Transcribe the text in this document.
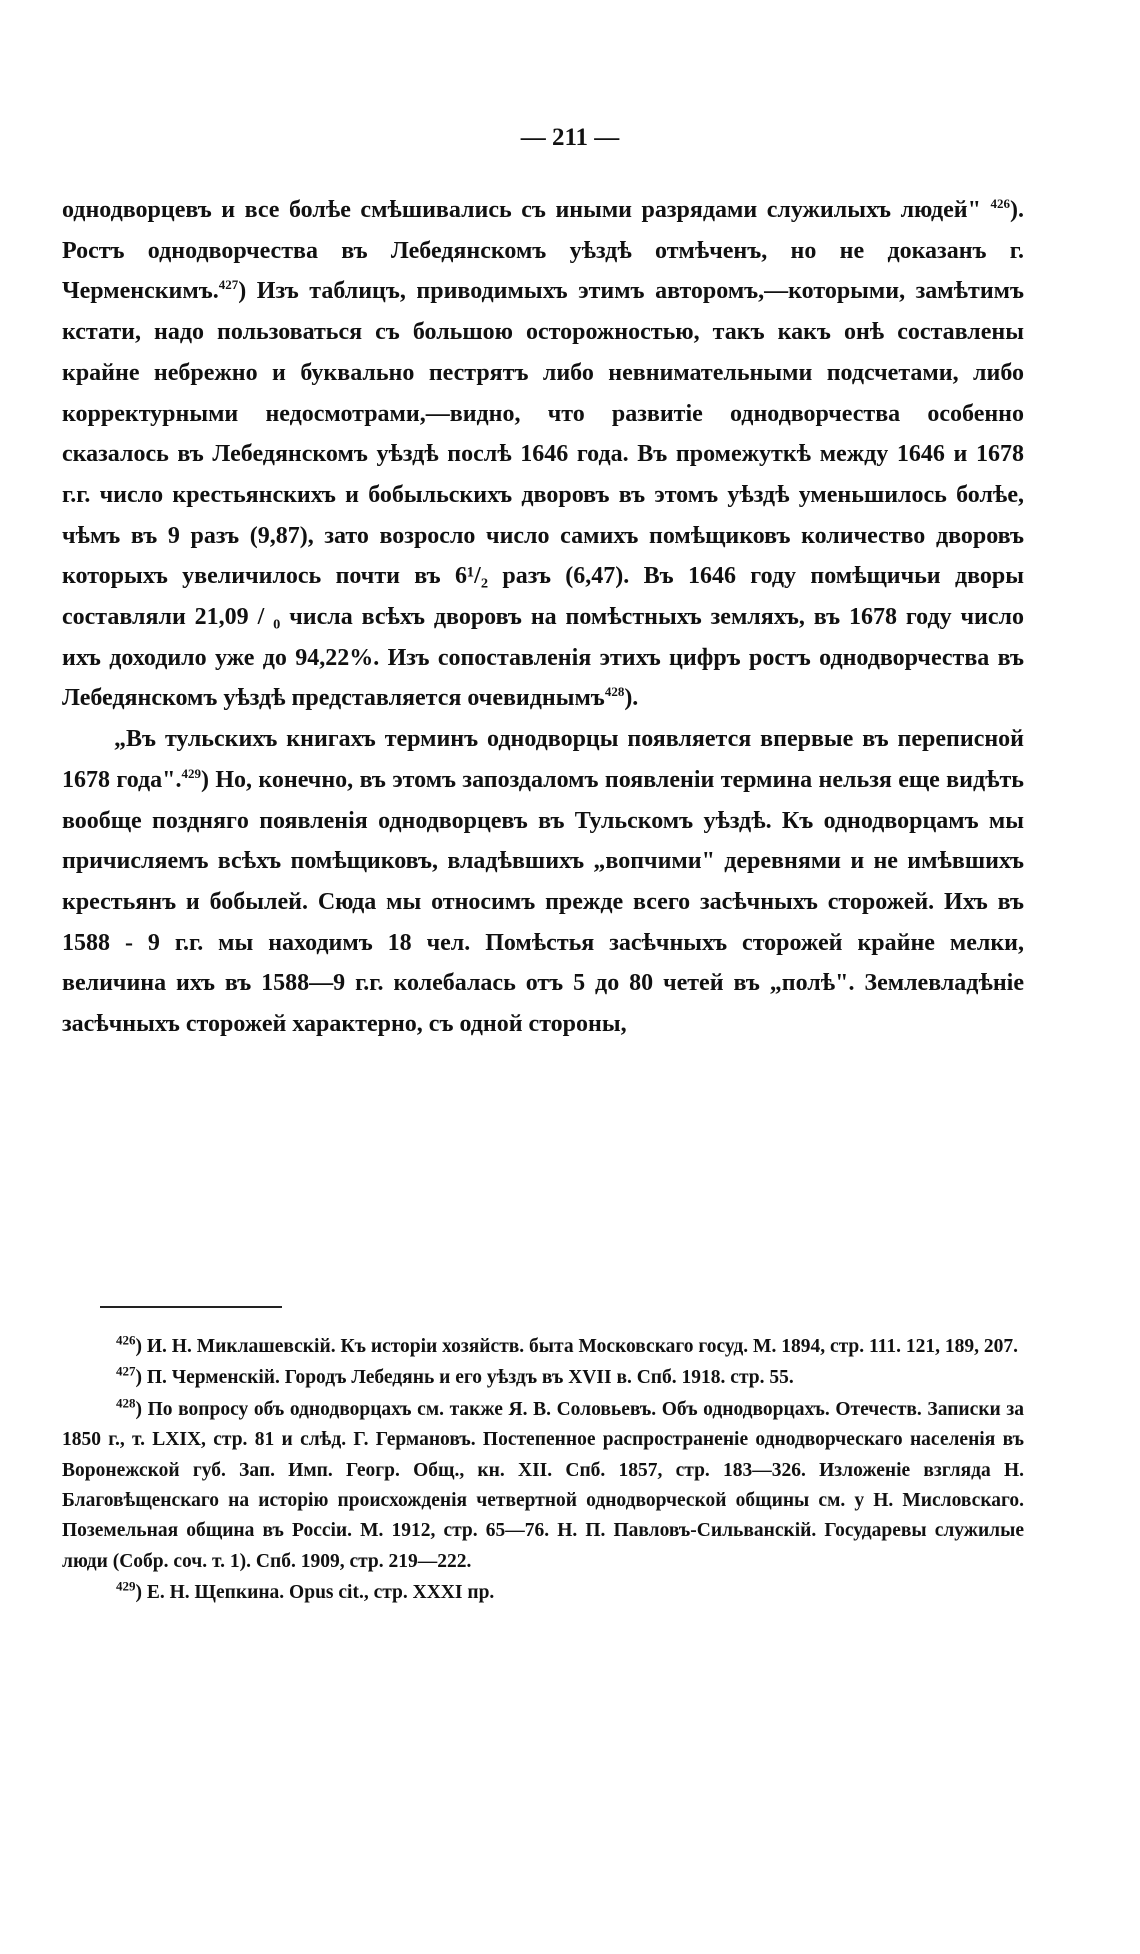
— 211 —

однодворцевъ и все болѣе смѣшивались съ иными разрядами служилыхъ людей" $^{426}$). Ростъ однодворчества въ Лебедянскомъ уѣздѣ отмѣченъ, но не доказанъ г. Черменскимъ.$^{427}$) Изъ таблицъ, приводимыхъ этимъ авторомъ,—которыми, замѣтимъ кстати, надо пользоваться съ большою осторожностью, такъ какъ онѣ составлены крайне небрежно и буквально пестрятъ либо невнимательными подсчетами, либо корректурными недосмотрами,—видно, что развитіе однодворчества особенно сказалось въ Лебедянскомъ уѣздѣ послѣ 1646 года. Въ промежуткѣ между 1646 и 1678 г.г. число крестьянскихъ и бобыльскихъ дворовъ въ этомъ уѣздѣ уменьшилось болѣе, чѣмъ въ 9 разъ (9,87), зато возросло число самихъ помѣщиковъ количество дворовъ которыхъ увеличилось почти въ 6¹/₂ разъ (6,47). Въ 1646 году помѣщичьи дворы составляли 21,09 / ₀ числа всѣхъ дворовъ на помѣстныхъ земляхъ, въ 1678 году число ихъ доходило уже до 94,22%. Изъ сопоставленія этихъ цифръ ростъ однодворчества въ Лебедянскомъ уѣздѣ представляется очевиднымъ$^{428}$).

„Въ тульскихъ книгахъ терминъ однодворцы появляется впервые въ переписной 1678 года".$^{429}$) Но, конечно, въ этомъ запоздаломъ появленіи термина нельзя еще видѣть вообще позднягo появленія однодворцевъ въ Тульскомъ уѣздѣ. Къ однодворцамъ мы причисляемъ всѣхъ помѣщиковъ, владѣвшихъ „вопчими" деревнями и не имѣвшихъ крестьянъ и бобылей. Сюда мы относимъ прежде всего засѣчныхъ сторожей. Ихъ въ 1588 - 9 г.г. мы находимъ 18 чел. Помѣстья засѣчныхъ сторожей крайне мелки, величина ихъ въ 1588—9 г.г. колебалась отъ 5 до 80 четей въ „полѣ". Землевладѣніе засѣчныхъ сторожей характерно, съ одной стороны,

$^{426}$) И. Н. Миклашевскій. Къ исторіи хозяйств. быта Московскаго госуд. М. 1894, стр. 111. 121, 189, 207.

$^{427}$) П. Черменскій. Городъ Лебедянь и его уѣздъ въ XVII в. Спб. 1918. стр. 55.

$^{428}$) По вопросу объ однодворцахъ см. также Я. В. Соловьевъ. Объ однодворцахъ. Отечеств. Записки за 1850 г., т. LXIX, стр. 81 и слѣд. Г. Германовъ. Постепенное распространеніе однодворческаго населенія въ Воронежской губ. Зап. Имп. Геогр. Общ., кн. XII. Спб. 1857, стр. 183—326. Изложеніе взгляда Н. Благовѣщенскаго на исторію происхожденія четвертной однодворческой общины см. у Н. Мисловскаго. Поземельная община въ Россіи. М. 1912, стр. 65—76. Н. П. Павловъ-Сильванскій. Государевы служилые люди (Собр. соч. т. 1). Спб. 1909, стр. 219—222.

$^{429}$) Е. Н. Щепкина. Opus cit., стр. XXXI пр.
